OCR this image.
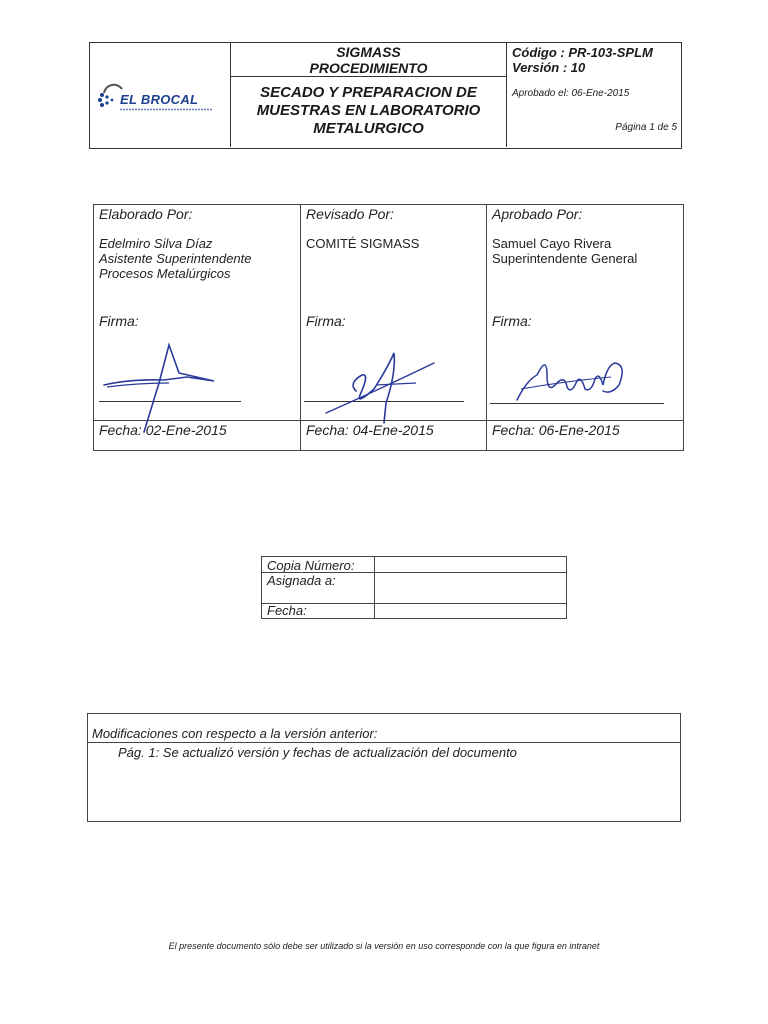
EL BROCAL
SIGMASS
PROCEDIMIENTO
SECADO Y PREPARACION DE
MUESTRAS EN LABORATORIO
METALURGICO
Código : PR-103-SPLM
Versión : 10
Aprobado el: 06-Ene-2015
Página 1 de 5
Elaborado Por:
Edelmiro Silva Díaz
Asistente Superintendente
Procesos Metalúrgicos
Firma:
Fecha: 02-Ene-2015
Revisado Por:
COMITÉ SIGMASS
Firma:
Fecha: 04-Ene-2015
Aprobado Por:
Samuel Cayo Rivera
Superintendente General
Firma:
Fecha: 06-Ene-2015
Copia Número:
Asignada a:
Fecha:
Modificaciones con respecto a la versión anterior:
Pág. 1: Se actualizó versión y fechas de actualización del documento
El presente documento sólo debe ser utilizado si la versión en uso corresponde con la que figura en intranet
